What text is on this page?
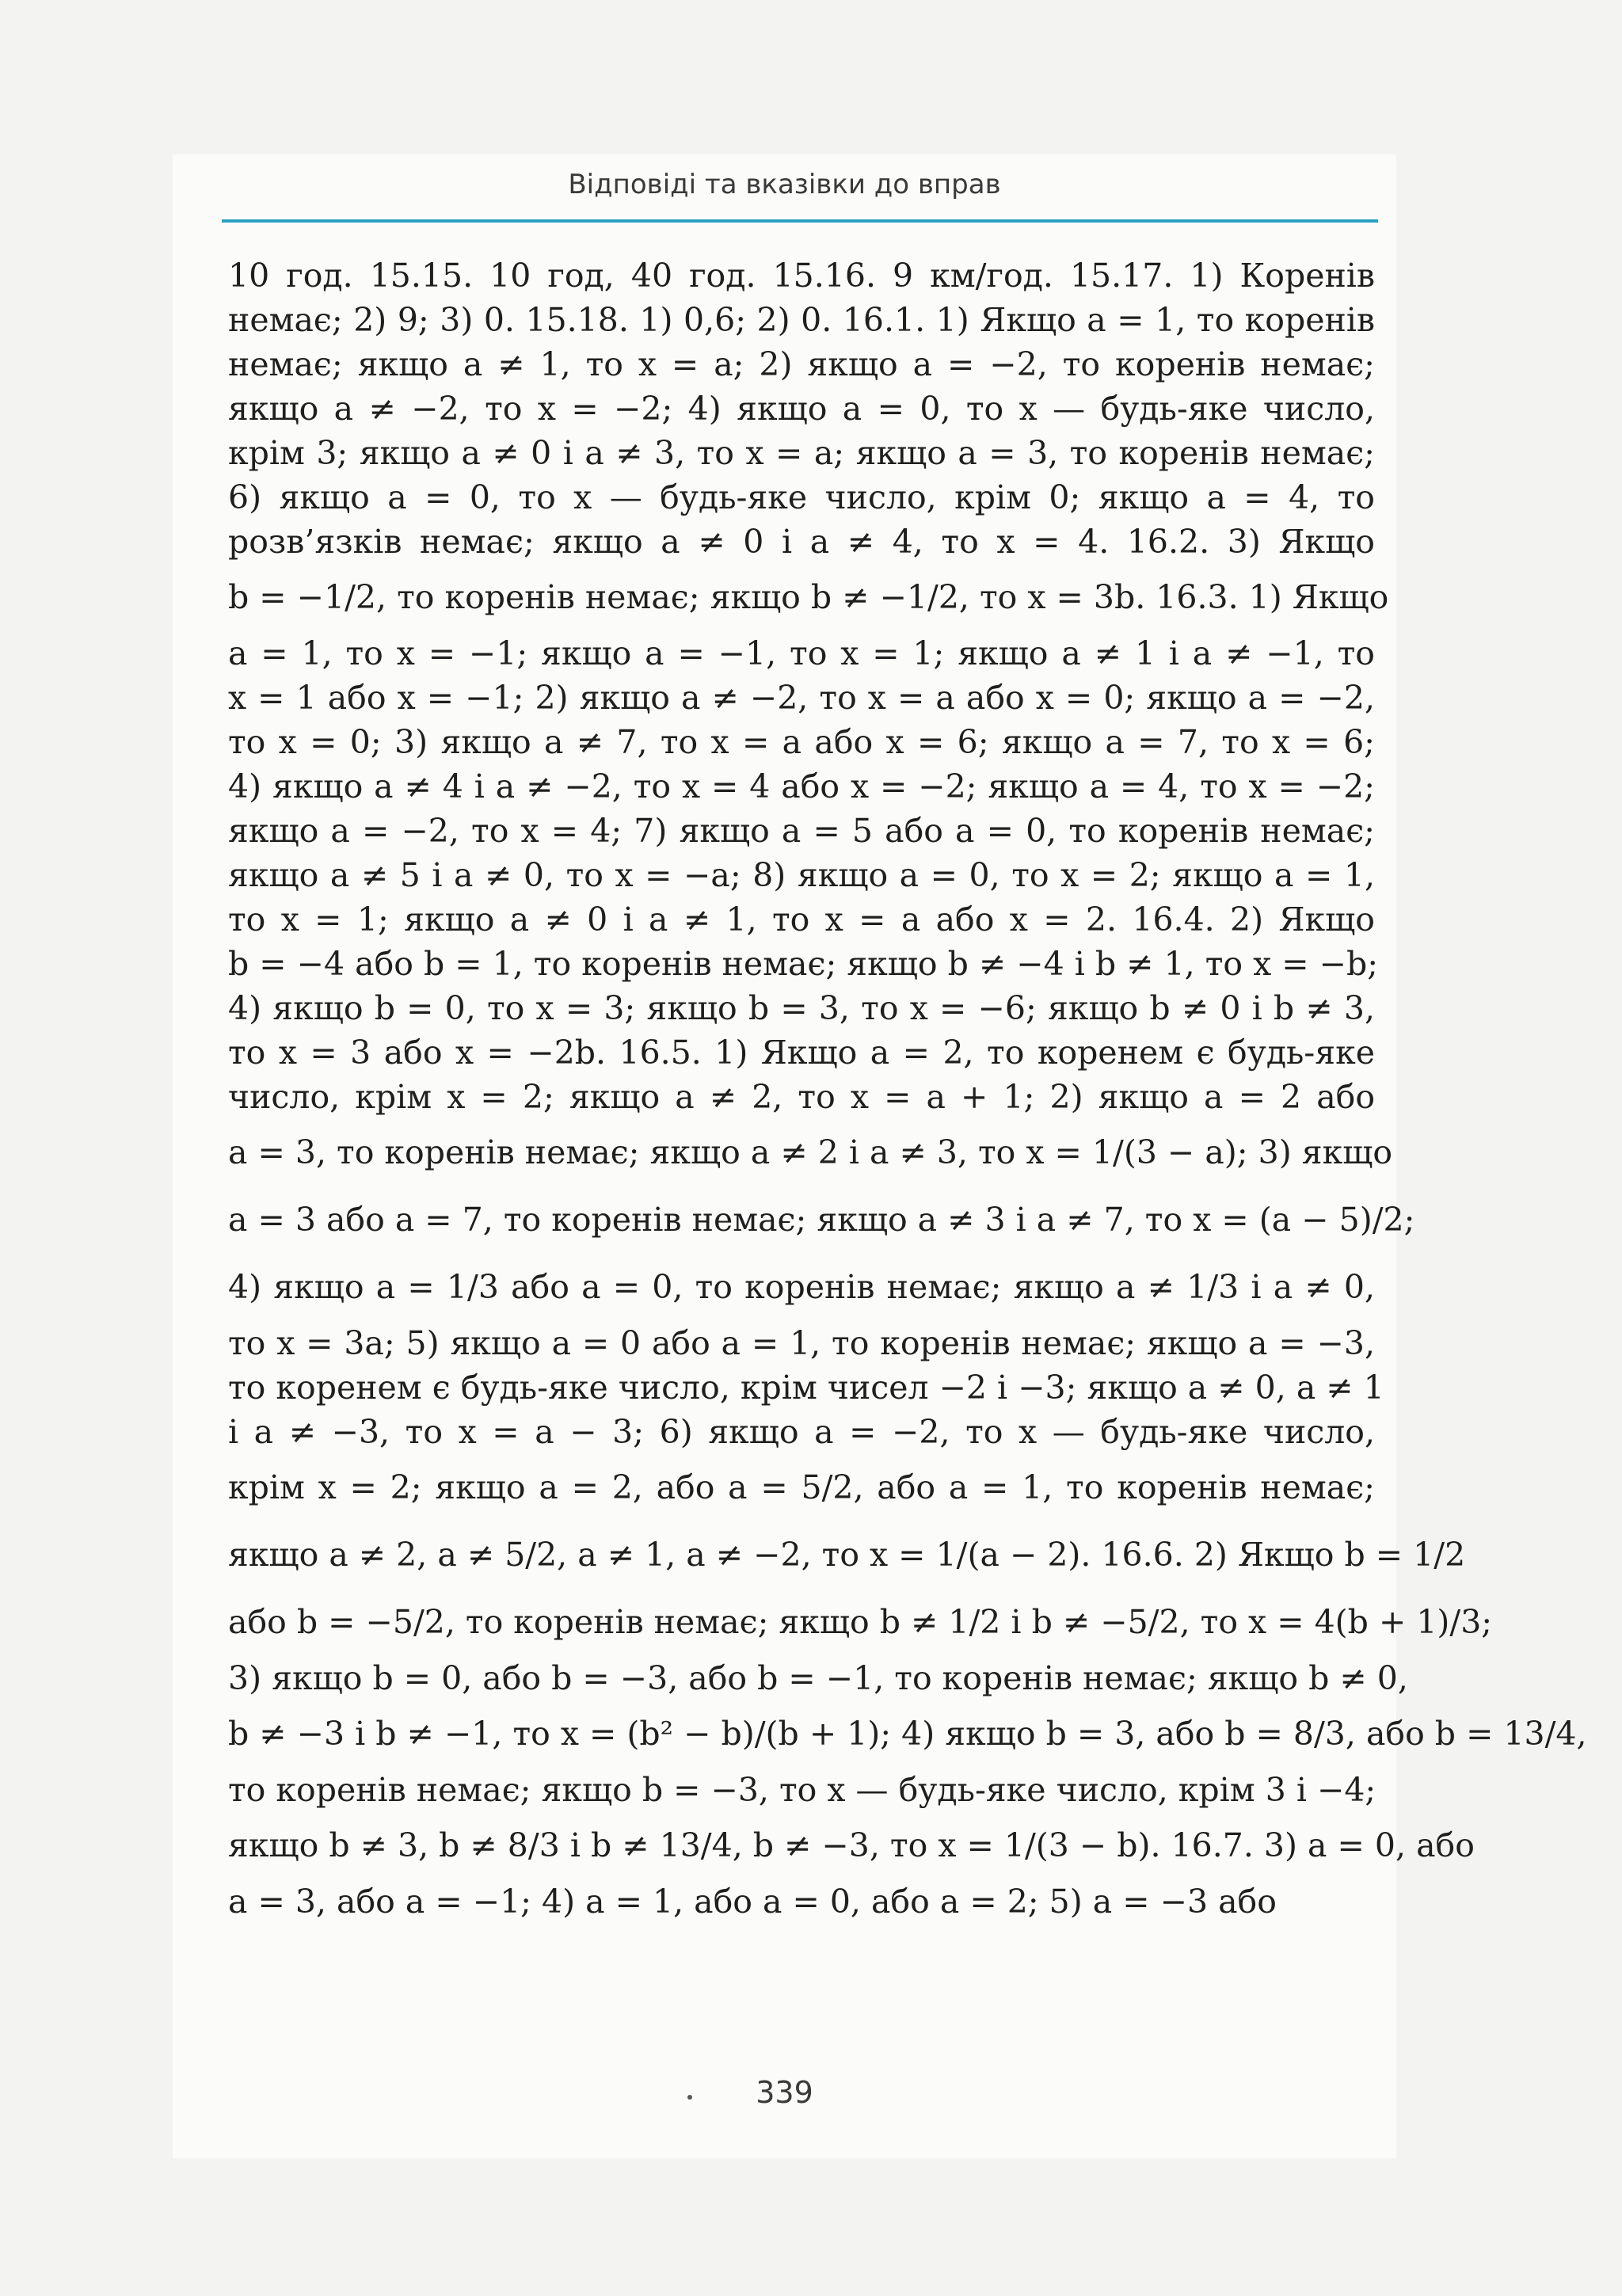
Відповіді та вказівки до вправ
10 год. 15.15. 10 год, 40 год. 15.16. 9 км/год. 15.17. 1) Коренів
немає; 2) 9; 3) 0. 15.18. 1) 0,6; 2) 0. 16.1. 1) Якщо a = 1, то коренів
немає; якщо a ≠ 1, то x = a; 2) якщо a = −2, то коренів немає;
якщо a ≠ −2, то x = −2; 4) якщо a = 0, то x — будь-яке число,
крім 3; якщо a ≠ 0 і a ≠ 3, то x = a; якщо a = 3, то коренів немає;
6) якщо a = 0, то x — будь-яке число, крім 0; якщо a = 4, то
розв’язків немає; якщо a ≠ 0 і a ≠ 4, то x = 4. 16.2. 3) Якщо
b = −1/2, то коренів немає; якщо b ≠ −1/2, то x = 3b. 16.3. 1) Якщо
a = 1, то x = −1; якщо a = −1, то x = 1; якщо a ≠ 1 і a ≠ −1, то
x = 1 або x = −1; 2) якщо a ≠ −2, то x = a або x = 0; якщо a = −2,
то x = 0; 3) якщо a ≠ 7, то x = a або x = 6; якщо a = 7, то x = 6;
4) якщо a ≠ 4 і a ≠ −2, то x = 4 або x = −2; якщо a = 4, то x = −2;
якщо a = −2, то x = 4; 7) якщо a = 5 або a = 0, то коренів немає;
якщо a ≠ 5 і a ≠ 0, то x = −a; 8) якщо a = 0, то x = 2; якщо a = 1,
то x = 1; якщо a ≠ 0 і a ≠ 1, то x = a або x = 2. 16.4. 2) Якщо
b = −4 або b = 1, то коренів немає; якщо b ≠ −4 і b ≠ 1, то x = −b;
4) якщо b = 0, то x = 3; якщо b = 3, то x = −6; якщо b ≠ 0 і b ≠ 3,
то x = 3 або x = −2b. 16.5. 1) Якщо a = 2, то коренем є будь-яке
число, крім x = 2; якщо a ≠ 2, то x = a + 1; 2) якщо a = 2 або
a = 3, то коренів немає; якщо a ≠ 2 і a ≠ 3, то x = 1/(3 − a); 3) якщо
a = 3 або a = 7, то коренів немає; якщо a ≠ 3 і a ≠ 7, то x = (a − 5)/2;
4) якщо a = 1/3 або a = 0, то коренів немає; якщо a ≠ 1/3 і a ≠ 0,
то x = 3a; 5) якщо a = 0 або a = 1, то коренів немає; якщо a = −3,
то коренем є будь-яке число, крім чисел −2 і −3; якщо a ≠ 0, a ≠ 1
і a ≠ −3, то x = a − 3; 6) якщо a = −2, то x — будь-яке число,
крім x = 2; якщо a = 2, або a = 5/2, або a = 1, то коренів немає;
якщо a ≠ 2, a ≠ 5/2, a ≠ 1, a ≠ −2, то x = 1/(a − 2). 16.6. 2) Якщо b = 1/2
або b = −5/2, то коренів немає; якщо b ≠ 1/2 і b ≠ −5/2, то x = 4(b + 1)/3;
3) якщо b = 0, або b = −3, або b = −1, то коренів немає; якщо b ≠ 0,
b ≠ −3 і b ≠ −1, то x = (b² − b)/(b + 1); 4) якщо b = 3, або b = 8/3, або b = 13/4,
то коренів немає; якщо b = −3, то x — будь-яке число, крім 3 і −4;
якщо b ≠ 3, b ≠ 8/3 і b ≠ 13/4, b ≠ −3, то x = 1/(3 − b). 16.7. 3) a = 0, або
a = 3, або a = −1; 4) a = 1, або a = 0, або a = 2; 5) a = −3 або
339
